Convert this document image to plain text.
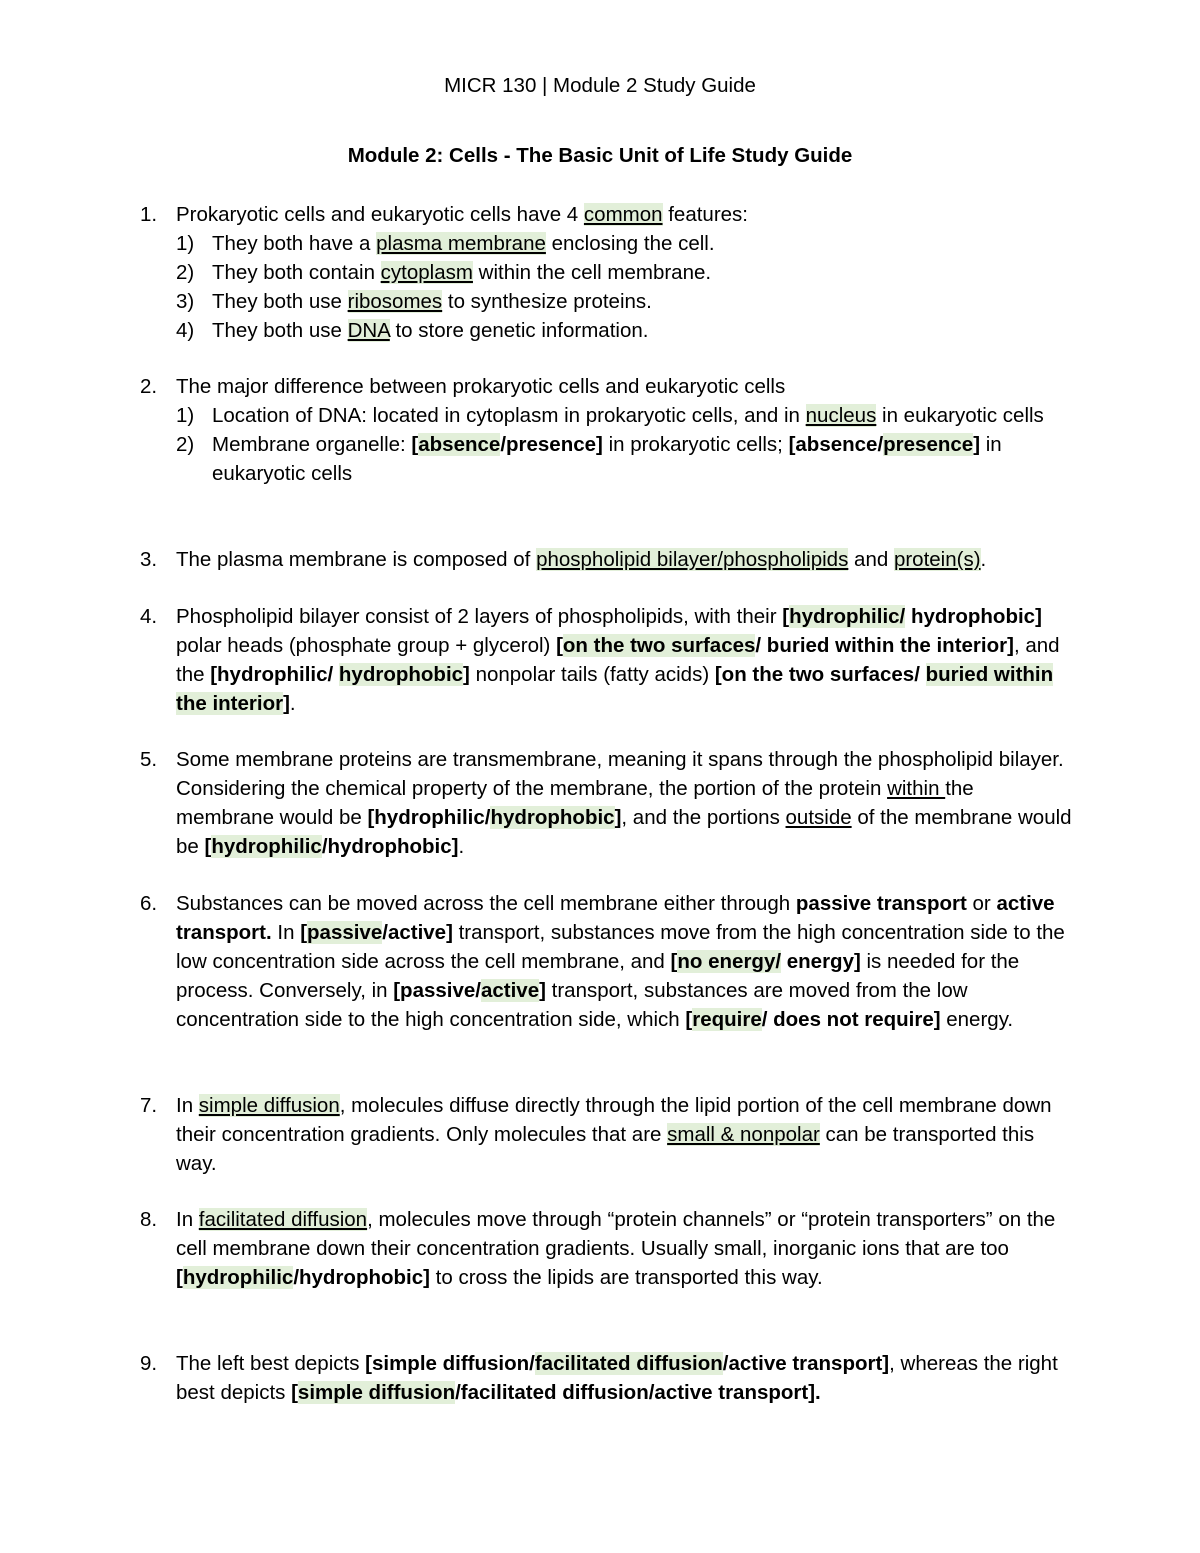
MICR 130 | Module 2 Study Guide
Module 2: Cells - The Basic Unit of Life Study Guide
1. Prokaryotic cells and eukaryotic cells have 4 common features:
1) They both have a plasma membrane enclosing the cell.
2) They both contain cytoplasm within the cell membrane.
3) They both use ribosomes to synthesize proteins.
4) They both use DNA to store genetic information.
2. The major difference between prokaryotic cells and eukaryotic cells
1) Location of DNA: located in cytoplasm in prokaryotic cells, and in nucleus in eukaryotic cells
2) Membrane organelle: [absence/presence] in prokaryotic cells; [absence/presence] in eukaryotic cells
3. The plasma membrane is composed of phospholipid bilayer/phospholipids and protein(s).
4. Phospholipid bilayer consist of 2 layers of phospholipids, with their [hydrophilic/ hydrophobic] polar heads (phosphate group + glycerol) [on the two surfaces/ buried within the interior], and the [hydrophilic/ hydrophobic] nonpolar tails (fatty acids) [on the two surfaces/ buried within the interior].
5. Some membrane proteins are transmembrane, meaning it spans through the phospholipid bilayer. Considering the chemical property of the membrane, the portion of the protein within the membrane would be [hydrophilic/hydrophobic], and the portions outside of the membrane would be [hydrophilic/hydrophobic].
6. Substances can be moved across the cell membrane either through passive transport or active transport. In [passive/active] transport, substances move from the high concentration side to the low concentration side across the cell membrane, and [no energy/ energy] is needed for the process. Conversely, in [passive/active] transport, substances are moved from the low concentration side to the high concentration side, which [require/ does not require] energy.
7. In simple diffusion, molecules diffuse directly through the lipid portion of the cell membrane down their concentration gradients. Only molecules that are small & nonpolar can be transported this way.
8. In facilitated diffusion, molecules move through “protein channels” or “protein transporters” on the cell membrane down their concentration gradients. Usually small, inorganic ions that are too [hydrophilic/hydrophobic] to cross the lipids are transported this way.
9. The left best depicts [simple diffusion/facilitated diffusion/active transport], whereas the right best depicts [simple diffusion/facilitated diffusion/active transport].
